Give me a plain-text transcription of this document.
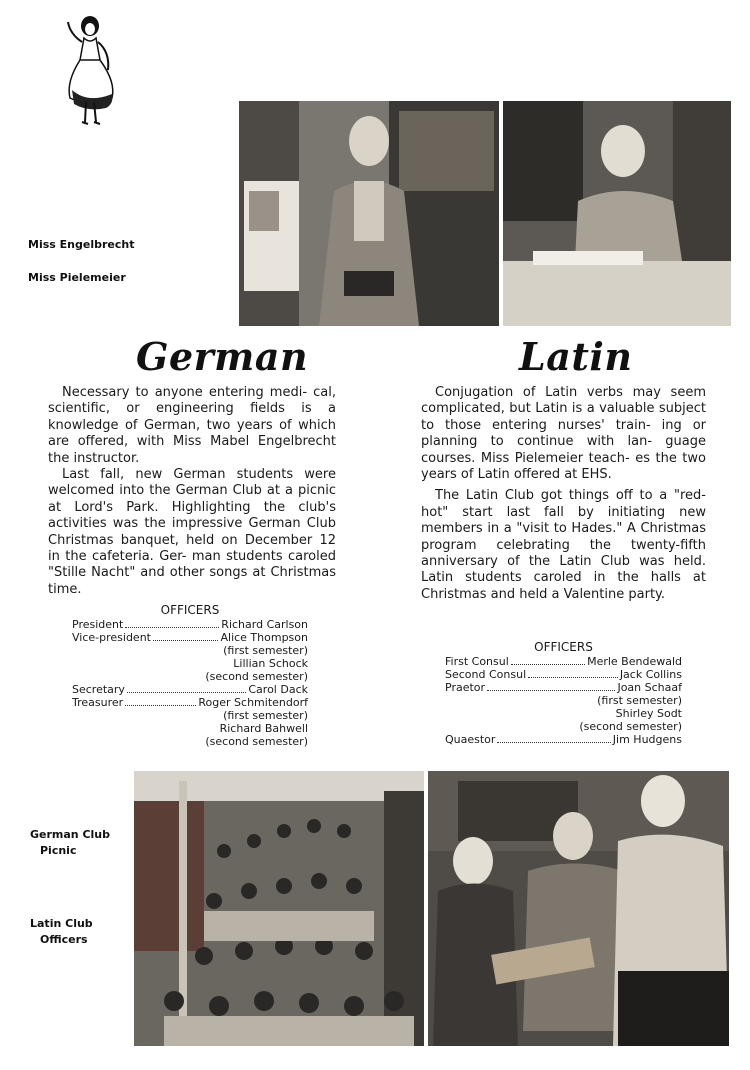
Miss Engelbrecht
Miss Pielemeier
German	Latin

Necessary to anyone entering medi- cal, scientific, or engineering fields is a knowledge of German, two years of which are offered, with Miss Mabel Engelbrecht the instructor.

Last fall, new German students were welcomed into the German Club at a picnic at Lord's Park. Highlighting the club's activities was the impressive German Club Christmas banquet, held on December 12 in the cafeteria. Ger- man students caroled "Stille Nacht" and other songs at Christmas time.

Conjugation of Latin verbs may seem complicated, but Latin is a valuable subject to those entering nurses' train- ing or planning to continue with lan- guage courses. Miss Pielemeier teach- es the two years of Latin offered at EHS.

The Latin Club got things off to a "red-hot" start last fall by initiating new members in a "visit to Hades." A Christmas program celebrating the twenty-fifth anniversary of the Latin Club was held. Latin students caroled in the halls at Christmas and held a Valentine party.

OFFICERS
President	Richard Carlson
Vice-president	Alice Thompson
(first semester)
Lillian Schock
(second semester)
Secretary	Carol Dack
Treasurer	Roger Schmitendorf
(first semester)
Richard Bahwell
(second semester)
OFFICERS
First Consul	Merle Bendewald
Second Consul	Jack Collins
Praetor	Joan Schaaf
(first semester)
Shirley Sodt
(second semester)
Quaestor	Jim Hudgens
German Club
Picnic
Latin Club
Officers
